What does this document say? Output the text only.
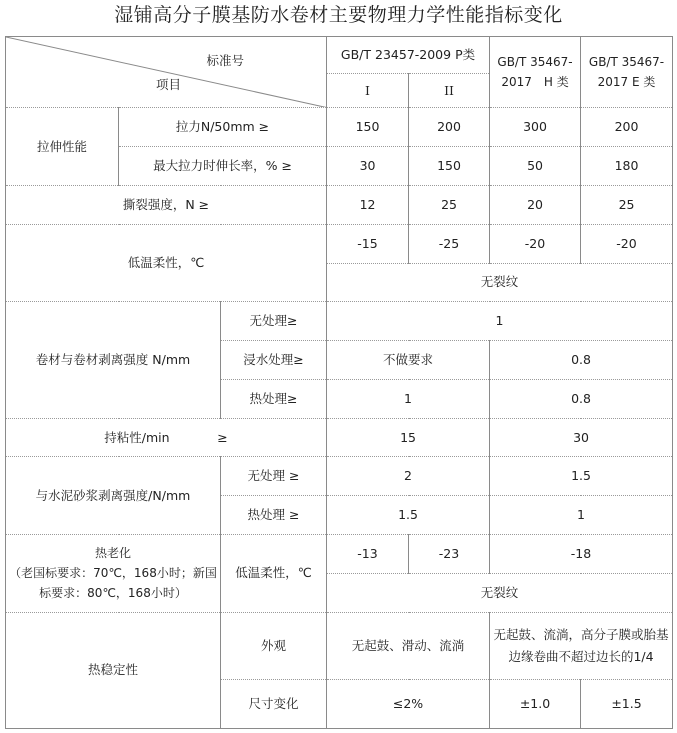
湿铺高分子膜基防水卷材主要物理力学性能指标变化
标准号
项目			GB/T 23457-2009 P类		GB/T 35467-2017　H 类	GB/T 35467-2017 E 类
			I	II		
拉伸性能	拉力N/50mm ≥		150	200	300	200
	最大拉力时伸长率，% ≥		30	150	50	180
撕裂强度，N ≥			12	25	20	25
低温柔性，℃			-15	-25	-20	-20
			无裂纹			
卷材与卷材剥离强度 N/mm		无处理≥	1			
		浸水处理≥	不做要求		0.8	
		热处理≥	1		0.8	
持粘性/min            ≥			15		30	
与水泥砂浆剥离强度/N/mm		无处理 ≥	2		1.5	
		热处理 ≥	1.5		1	

热老化
（老国标要求：70℃，168小时；新国标要求：80℃，168小时）		低温柔性，℃	-13	-23	-18	
			无裂纹			
热稳定性		外观	无起鼓、滑动、流淌		无起鼓、流淌，高分子膜或胎基边缘卷曲不超过边长的1/4	
		尺寸变化	≤2%		±1.0	±1.5
